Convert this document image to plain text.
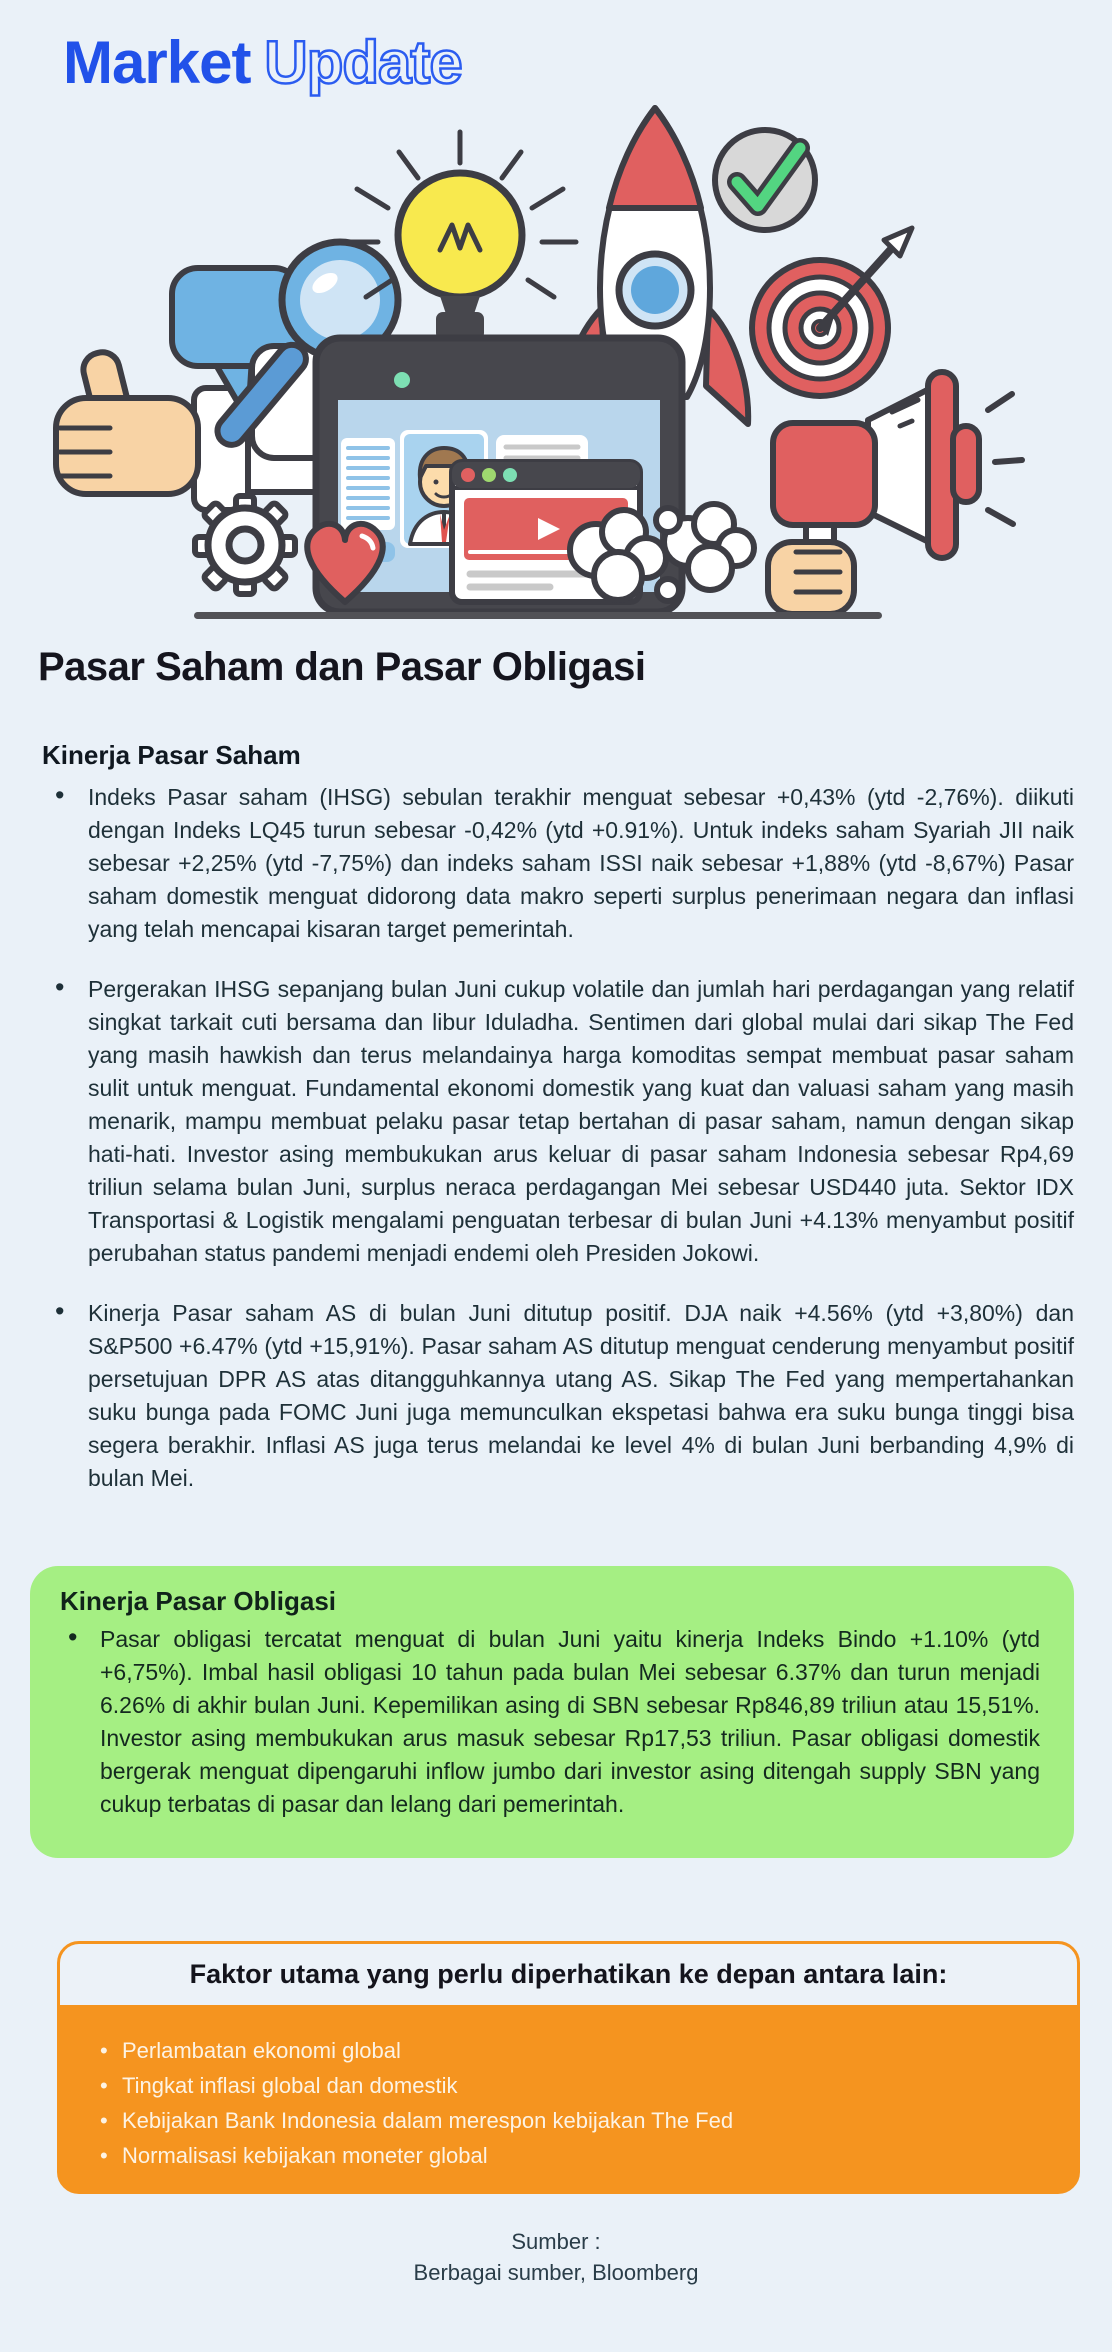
Market Update
Pasar Saham dan Pasar Obligasi
Kinerja Pasar Saham
• Indeks Pasar saham (IHSG) sebulan terakhir menguat sebesar +0,43% (ytd -2,76%). diikuti dengan Indeks LQ45 turun sebesar -0,42% (ytd +0.91%). Untuk indeks saham Syariah JII naik sebesar +2,25% (ytd -7,75%) dan indeks saham ISSI naik sebesar +1,88% (ytd -8,67%) Pasar saham domestik menguat didorong data makro seperti surplus penerimaan negara dan inflasi yang telah mencapai kisaran target pemerintah.
• Pergerakan IHSG sepanjang bulan Juni cukup volatile dan jumlah hari perdagangan yang relatif singkat tarkait cuti bersama dan libur Iduladha. Sentimen dari global mulai dari sikap The Fed yang masih hawkish dan terus melandainya harga komoditas sempat membuat pasar saham sulit untuk menguat. Fundamental ekonomi domestik yang kuat dan valuasi saham yang masih menarik, mampu membuat pelaku pasar tetap bertahan di pasar saham, namun dengan sikap hati-hati. Investor asing membukukan arus keluar di pasar saham Indonesia sebesar Rp4,69 triliun selama bulan Juni, surplus neraca perdagangan Mei sebesar USD440 juta. Sektor IDX Transportasi & Logistik mengalami penguatan terbesar di bulan Juni +4.13% menyambut positif perubahan status pandemi menjadi endemi oleh Presiden Jokowi.
• Kinerja Pasar saham AS di bulan Juni ditutup positif. DJA naik +4.56% (ytd +3,80%) dan S&P500 +6.47% (ytd +15,91%). Pasar saham AS ditutup menguat cenderung menyambut positif persetujuan DPR AS atas ditangguhkannya utang AS. Sikap The Fed yang mempertahankan suku bunga pada FOMC Juni juga memunculkan ekspetasi bahwa era suku bunga tinggi bisa segera berakhir. Inflasi AS juga terus melandai ke level 4% di bulan Juni berbanding 4,9% di bulan Mei.
Kinerja Pasar Obligasi
• Pasar obligasi tercatat menguat di bulan Juni yaitu kinerja Indeks Bindo +1.10% (ytd +6,75%). Imbal hasil obligasi 10 tahun pada bulan Mei sebesar 6.37% dan turun menjadi 6.26% di akhir bulan Juni. Kepemilikan asing di SBN sebesar Rp846,89 triliun atau 15,51%. Investor asing membukukan arus masuk sebesar Rp17,53 triliun. Pasar obligasi domestik bergerak menguat dipengaruhi inflow jumbo dari investor asing ditengah supply SBN yang cukup terbatas di pasar dan lelang dari pemerintah.
Faktor utama yang perlu diperhatikan ke depan antara lain:
• Perlambatan ekonomi global
• Tingkat inflasi global dan domestik
• Kebijakan Bank Indonesia dalam merespon kebijakan The Fed
• Normalisasi kebijakan moneter global
Sumber :
Berbagai sumber, Bloomberg
